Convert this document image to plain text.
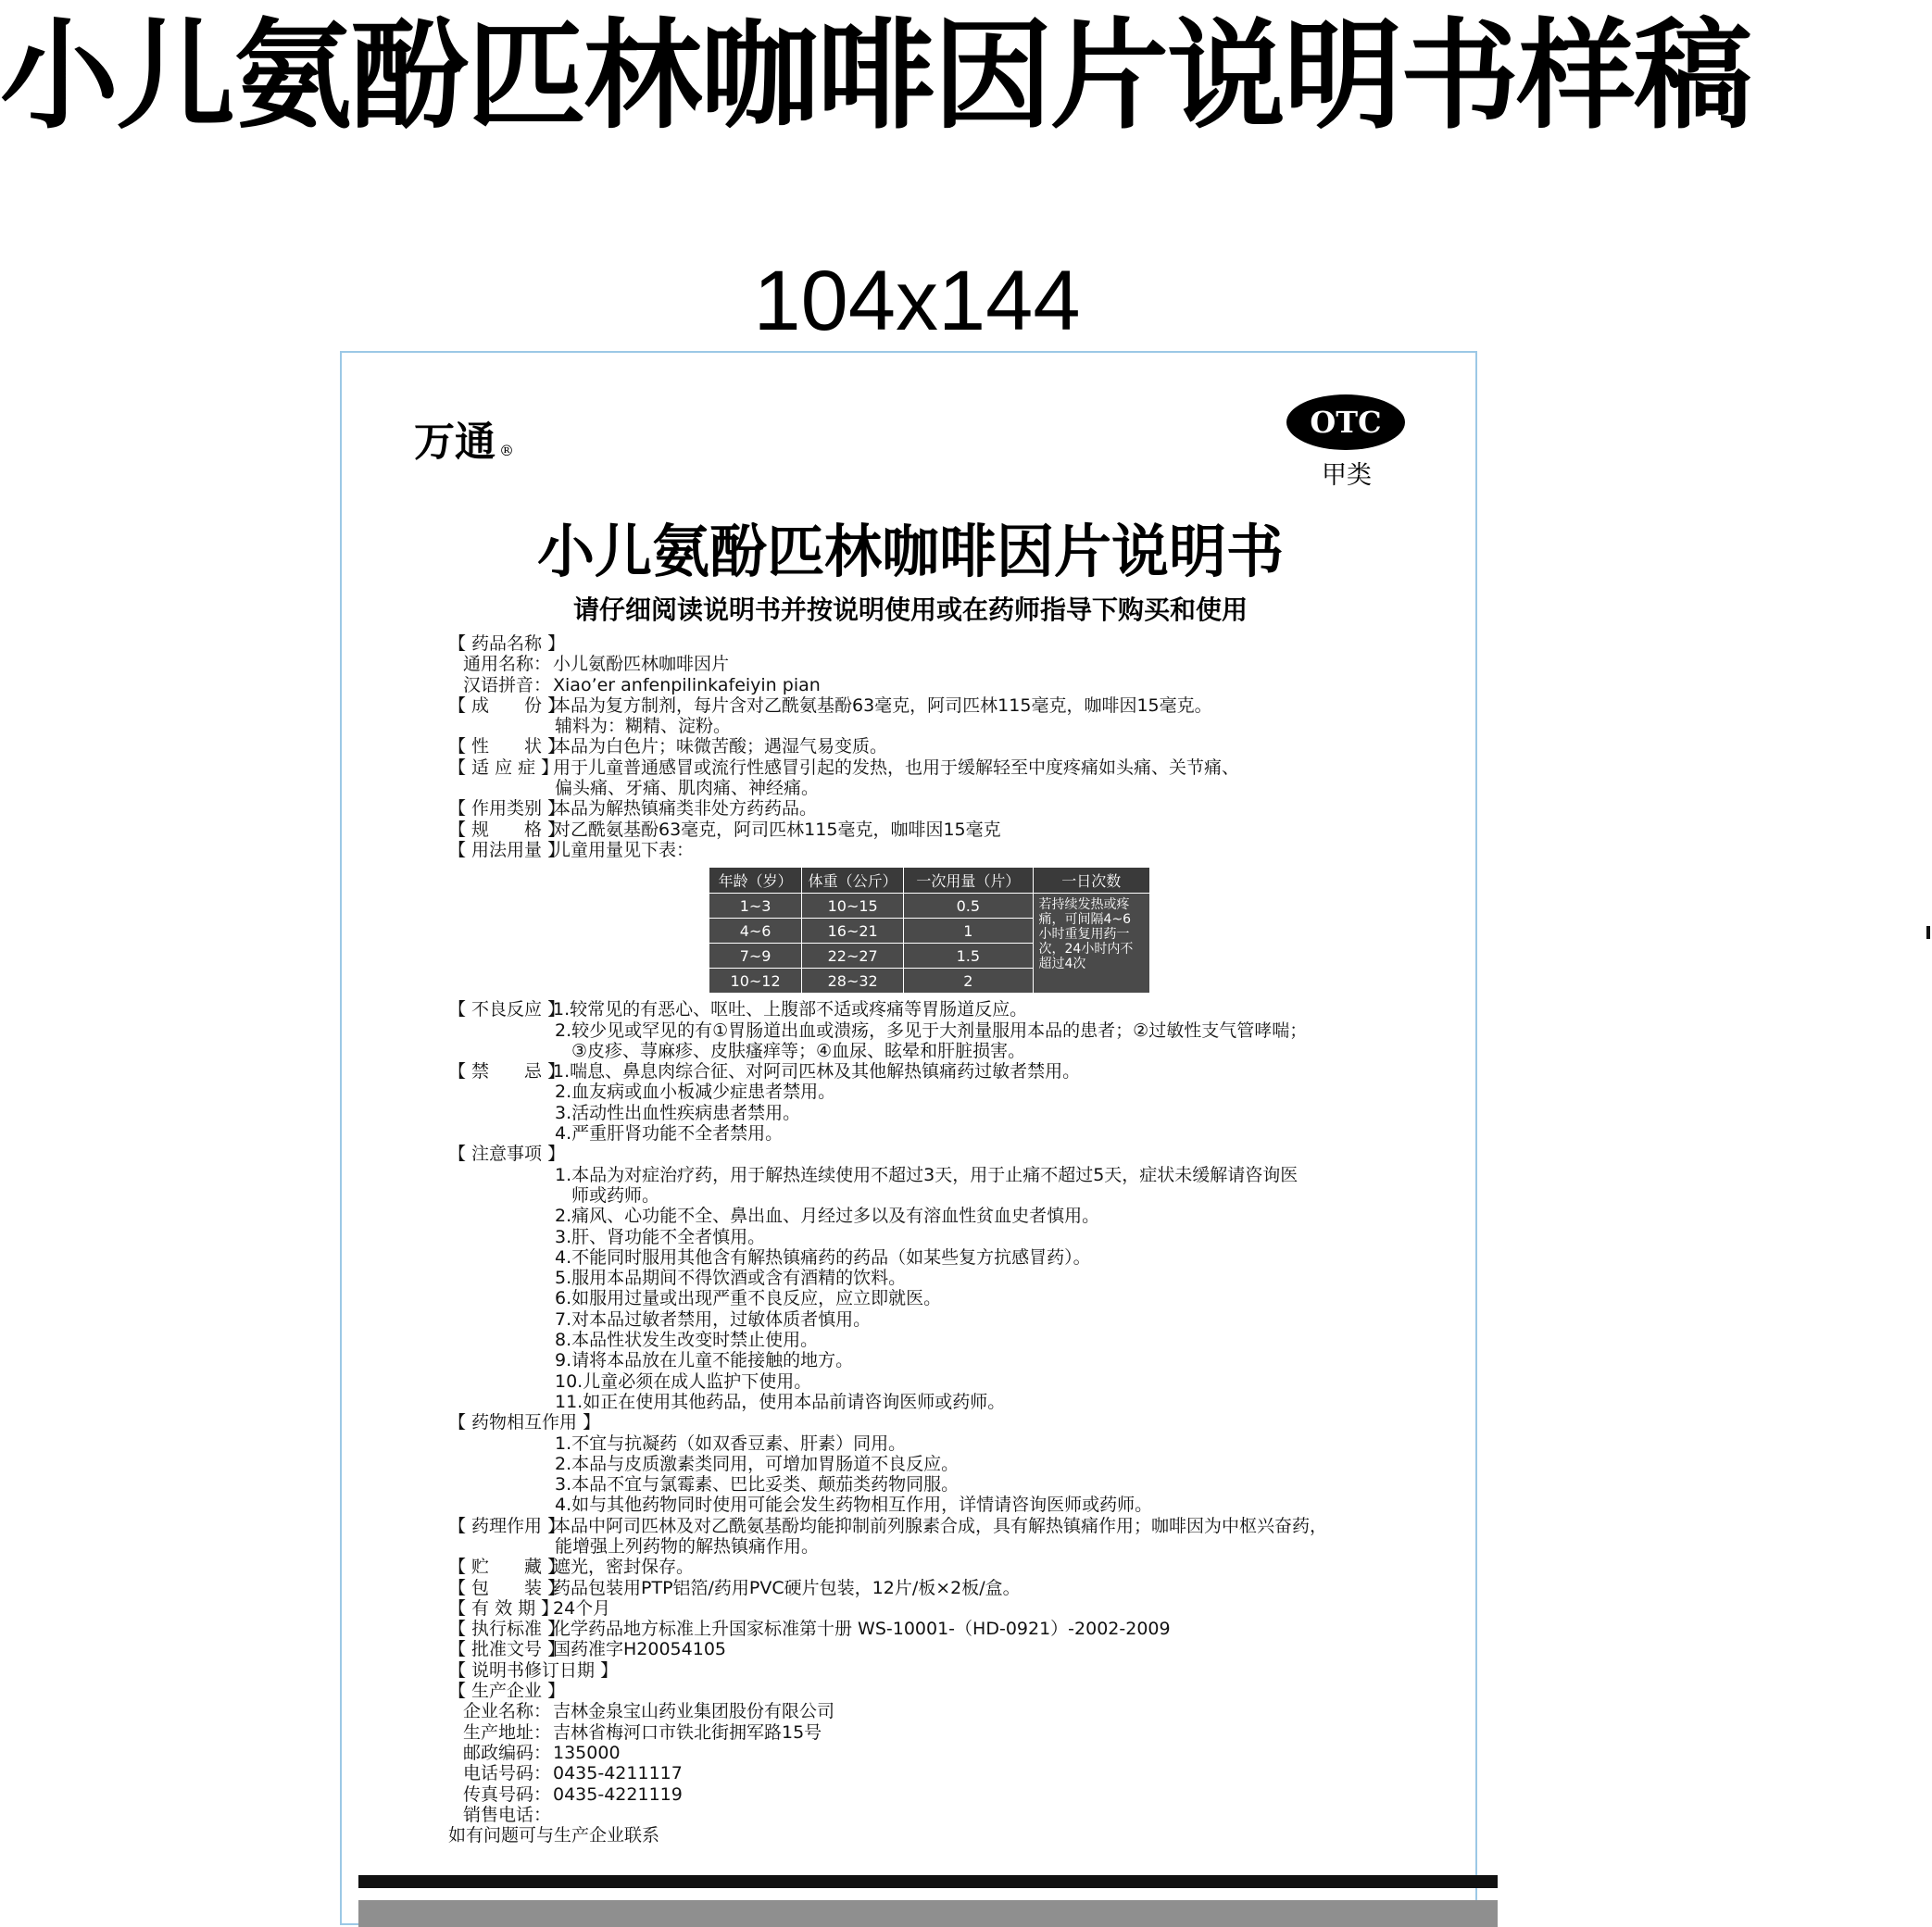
小儿氨酚匹林咖啡因片说明书样稿
104x144
万通 ®
OTC
甲类
小儿氨酚匹林咖啡因片说明书
请仔细阅读说明书并按说明使用或在药师指导下购买和使用
【 药品名称 】
通用名称： 小儿氨酚匹林咖啡因片
汉语拼音： Xiao’er anfenpilinkafeiyin pian
【 成　　份 】本品为复方制剂，每片含对乙酰氨基酚63毫克，阿司匹林115毫克，咖啡因15毫克。
辅料为：糊精、淀粉。
【 性　　状 】本品为白色片；味微苦酸；遇湿气易变质。
【 适 应 症 】用于儿童普通感冒或流行性感冒引起的发热，也用于缓解轻至中度疼痛如头痛、关节痛、
偏头痛、牙痛、肌肉痛、神经痛。
【 作用类别 】本品为解热镇痛类非处方药药品。
【 规　　格 】对乙酰氨基酚63毫克，阿司匹林115毫克，咖啡因15毫克
【 用法用量 】儿童用量见下表：
【 不良反应 】1.较常见的有恶心、呕吐、上腹部不适或疼痛等胃肠道反应。
2.较少见或罕见的有①胃肠道出血或溃疡，多见于大剂量服用本品的患者；②过敏性支气管哮喘；
③皮疹、荨麻疹、皮肤瘙痒等；④血尿、眩晕和肝脏损害。
【 禁　　忌 】1.喘息、鼻息肉综合征、对阿司匹林及其他解热镇痛药过敏者禁用。
2.血友病或血小板减少症患者禁用。
3.活动性出血性疾病患者禁用。
4.严重肝肾功能不全者禁用。
【 注意事项 】
1.本品为对症治疗药，用于解热连续使用不超过3天，用于止痛不超过5天，症状未缓解请咨询医
师或药师。
2.痛风、心功能不全、鼻出血、月经过多以及有溶血性贫血史者慎用。
3.肝、肾功能不全者慎用。
4.不能同时服用其他含有解热镇痛药的药品（如某些复方抗感冒药）。
5.服用本品期间不得饮酒或含有酒精的饮料。
6.如服用过量或出现严重不良反应，应立即就医。
7.对本品过敏者禁用，过敏体质者慎用。
8.本品性状发生改变时禁止使用。
9.请将本品放在儿童不能接触的地方。
10.儿童必须在成人监护下使用。
11.如正在使用其他药品，使用本品前请咨询医师或药师。
【 药物相互作用 】
1.不宜与抗凝药（如双香豆素、肝素）同用。
2.本品与皮质激素类同用，可增加胃肠道不良反应。
3.本品不宜与氯霉素、巴比妥类、颠茄类药物同服。
4.如与其他药物同时使用可能会发生药物相互作用，详情请咨询医师或药师。
【 药理作用 】本品中阿司匹林及对乙酰氨基酚均能抑制前列腺素合成，具有解热镇痛作用；咖啡因为中枢兴奋药，
能增强上列药物的解热镇痛作用。
【 贮　　藏 】遮光，密封保存。
【 包　　装 】药品包装用PTP铝箔/药用PVC硬片包装，12片/板×2板/盒。
【 有 效 期 】24个月
【 执行标准 】化学药品地方标准上升国家标准第十册 WS-10001-（HD-0921）-2002-2009
【 批准文号 】国药准字H20054105
【 说明书修订日期 】
【 生产企业 】
企业名称： 吉林金泉宝山药业集团股份有限公司
生产地址： 吉林省梅河口市铁北街拥军路15号
邮政编码： 135000
电话号码： 0435-4211117
传真号码： 0435-4221119
销售电话：
如有问题可与生产企业联系
年龄（岁）	体重（公斤）	一次用量（片）	一日次数
1~3	10~15	0.5	若持续发热或疼痛，可间隔4~6 小时重复用药一次，24小时内不超过4次
4~6	16~21	1	
7~9	22~27	1.5	
10~12	28~32	2	
